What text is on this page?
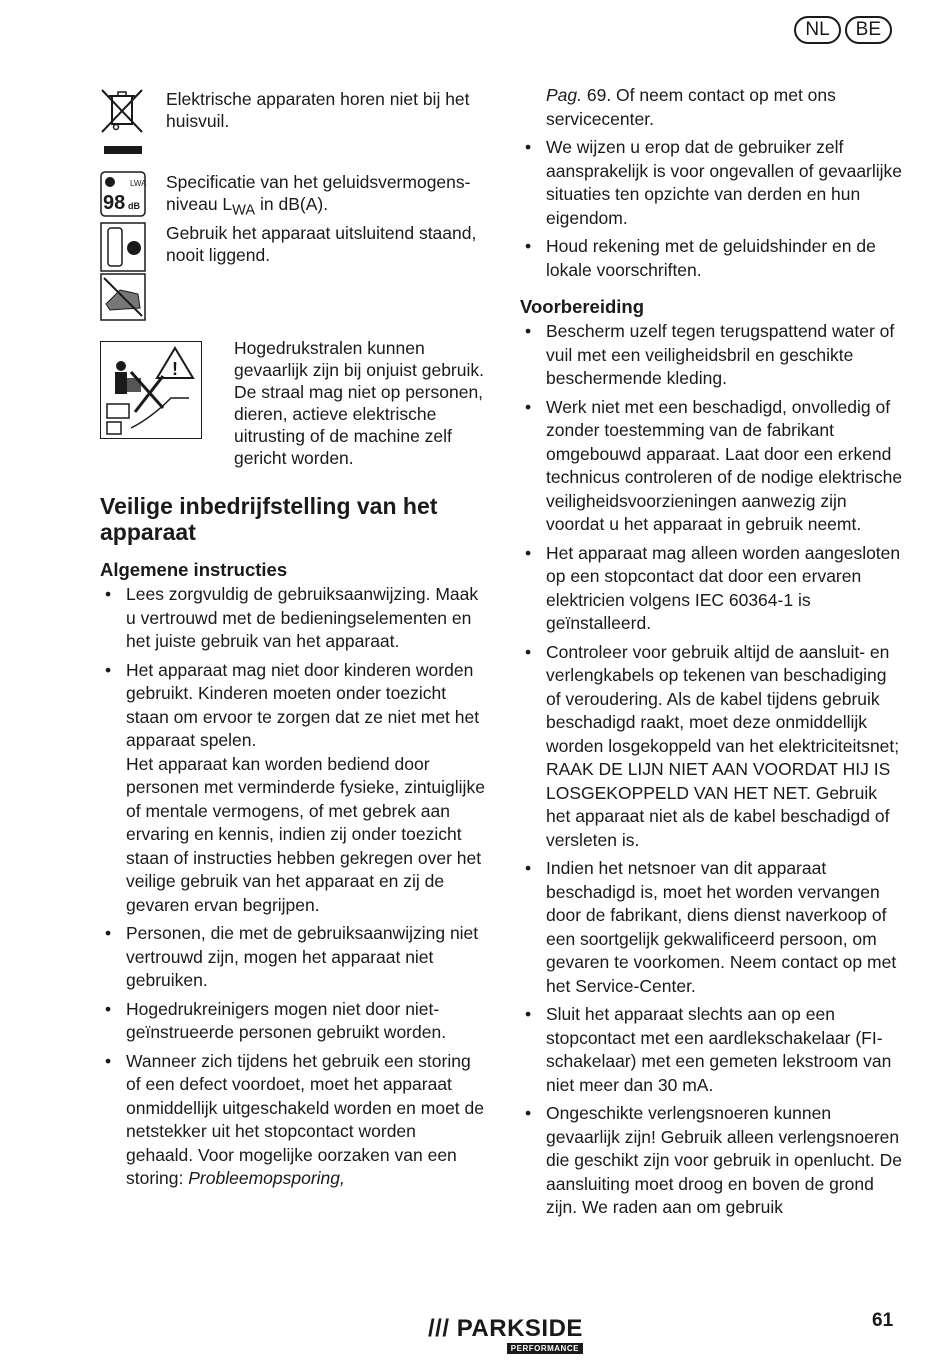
NL	BE
Elektrische apparaten horen niet bij het huisvuil.
LWA
98 dB
Specificatie van het geluidsvermogens-niveau $L_{WA}$ in dB(A).
Gebruik het apparaat uitsluitend staand, nooit liggend.
!
Hogedrukstralen kunnen gevaarlijk zijn bij onjuist gebruik. De straal mag niet op personen, dieren, actieve elektrische uitrusting of de machine zelf gericht worden.
Veilige inbedrijfstelling van het apparaat
Algemene instructies
• Lees zorgvuldig de gebruiksaanwijzing. Maak u vertrouwd met de bedieningselementen en het juiste gebruik van het apparaat.
• Het apparaat mag niet door kinderen worden gebruikt. Kinderen moeten onder toezicht staan om ervoor te zorgen dat ze niet met het apparaat spelen.
Het apparaat kan worden bediend door personen met verminderde fysieke, zintuiglijke of mentale vermogens, of met gebrek aan ervaring en kennis, indien zij onder toezicht staan of instructies hebben gekregen over het veilige gebruik van het apparaat en zij de gevaren ervan begrijpen.
• Personen, die met de gebruiksaanwijzing niet vertrouwd zijn, mogen het apparaat niet gebruiken.
• Hogedrukreinigers mogen niet door niet-geïnstrueerde personen gebruikt worden.
• Wanneer zich tijdens het gebruik een storing of een defect voordoet, moet het apparaat onmiddellijk uitgeschakeld worden en moet de netstekker uit het stopcontact worden gehaald. Voor mogelijke oorzaken van een storing: Probleemopsporing,
Pag. 69. Of neem contact op met ons servicecenter.
• We wijzen u erop dat de gebruiker zelf aansprakelijk is voor ongevallen of gevaarlijke situaties ten opzichte van derden en hun eigendom.
• Houd rekening met de geluidshinder en de lokale voorschriften.
Voorbereiding
• Bescherm uzelf tegen terugspattend water of vuil met een veiligheidsbril en geschikte beschermende kleding.
• Werk niet met een beschadigd, onvolledig of zonder toestemming van de fabrikant omgebouwd apparaat. Laat door een erkend technicus controleren of de nodige elektrische veiligheidsvoorzieningen aanwezig zijn voordat u het apparaat in gebruik neemt.
• Het apparaat mag alleen worden aangesloten op een stopcontact dat door een ervaren elektricien volgens IEC 60364-1 is geïnstalleerd.
• Controleer voor gebruik altijd de aansluit- en verlengkabels op tekenen van beschadiging of veroudering. Als de kabel tijdens gebruik beschadigd raakt, moet deze onmiddellijk worden losgekoppeld van het elektriciteitsnet; RAAK DE LIJN NIET AAN VOORDAT HIJ IS LOSGEKOPPELD VAN HET NET. Gebruik het apparaat niet als de kabel beschadigd of versleten is.
• Indien het netsnoer van dit apparaat beschadigd is, moet het worden vervangen door de fabrikant, diens dienst naverkoop of een soortgelijk gekwalificeerd persoon, om gevaren te voorkomen. Neem contact op met het Service-Center.
• Sluit het apparaat slechts aan op een stopcontact met een aardlekschakelaar (FI-schakelaar) met een gemeten lekstroom van niet meer dan 30 mA.
• Ongeschikte verlengsnoeren kunnen gevaarlijk zijn! Gebruik alleen verlengsnoeren die geschikt zijn voor gebruik in openlucht. De aansluiting moet droog en boven de grond zijn. We raden aan om gebruik
/// PARKSIDE
PERFORMANCE
61
